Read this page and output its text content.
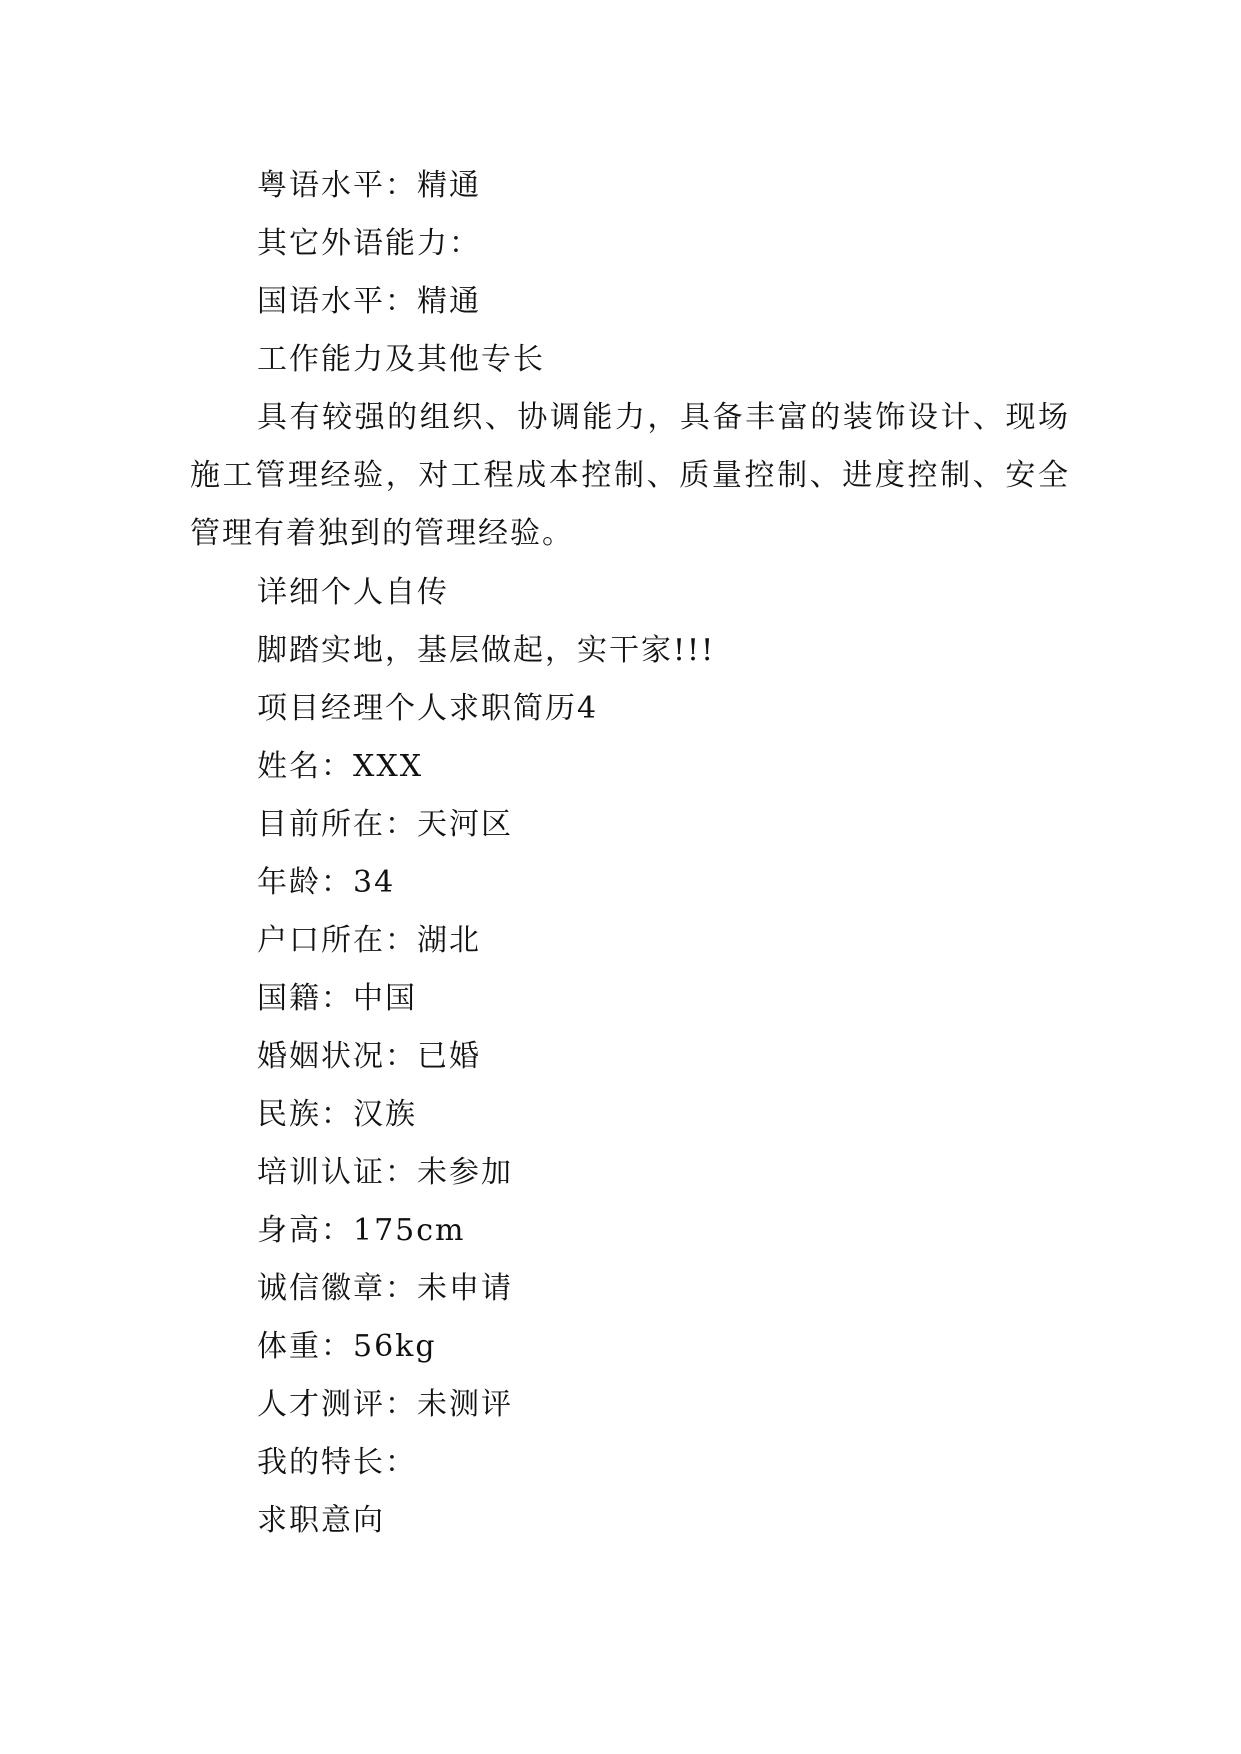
粤语水平：精通
其它外语能力：
国语水平：精通
工作能力及其他专长
具有较强的组织、协调能力，具备丰富的装饰设计、现场施工管理经验，对工程成本控制、质量控制、进度控制、安全管理有着独到的管理经验。
详细个人自传
脚踏实地，基层做起，实干家!!!
项目经理个人求职简历4
姓名：XXX
目前所在：天河区
年龄：34
户口所在：湖北
国籍：中国
婚姻状况：已婚
民族：汉族
培训认证：未参加
身高：175cm
诚信徽章：未申请
体重：56kg
人才测评：未测评
我的特长：
求职意向
